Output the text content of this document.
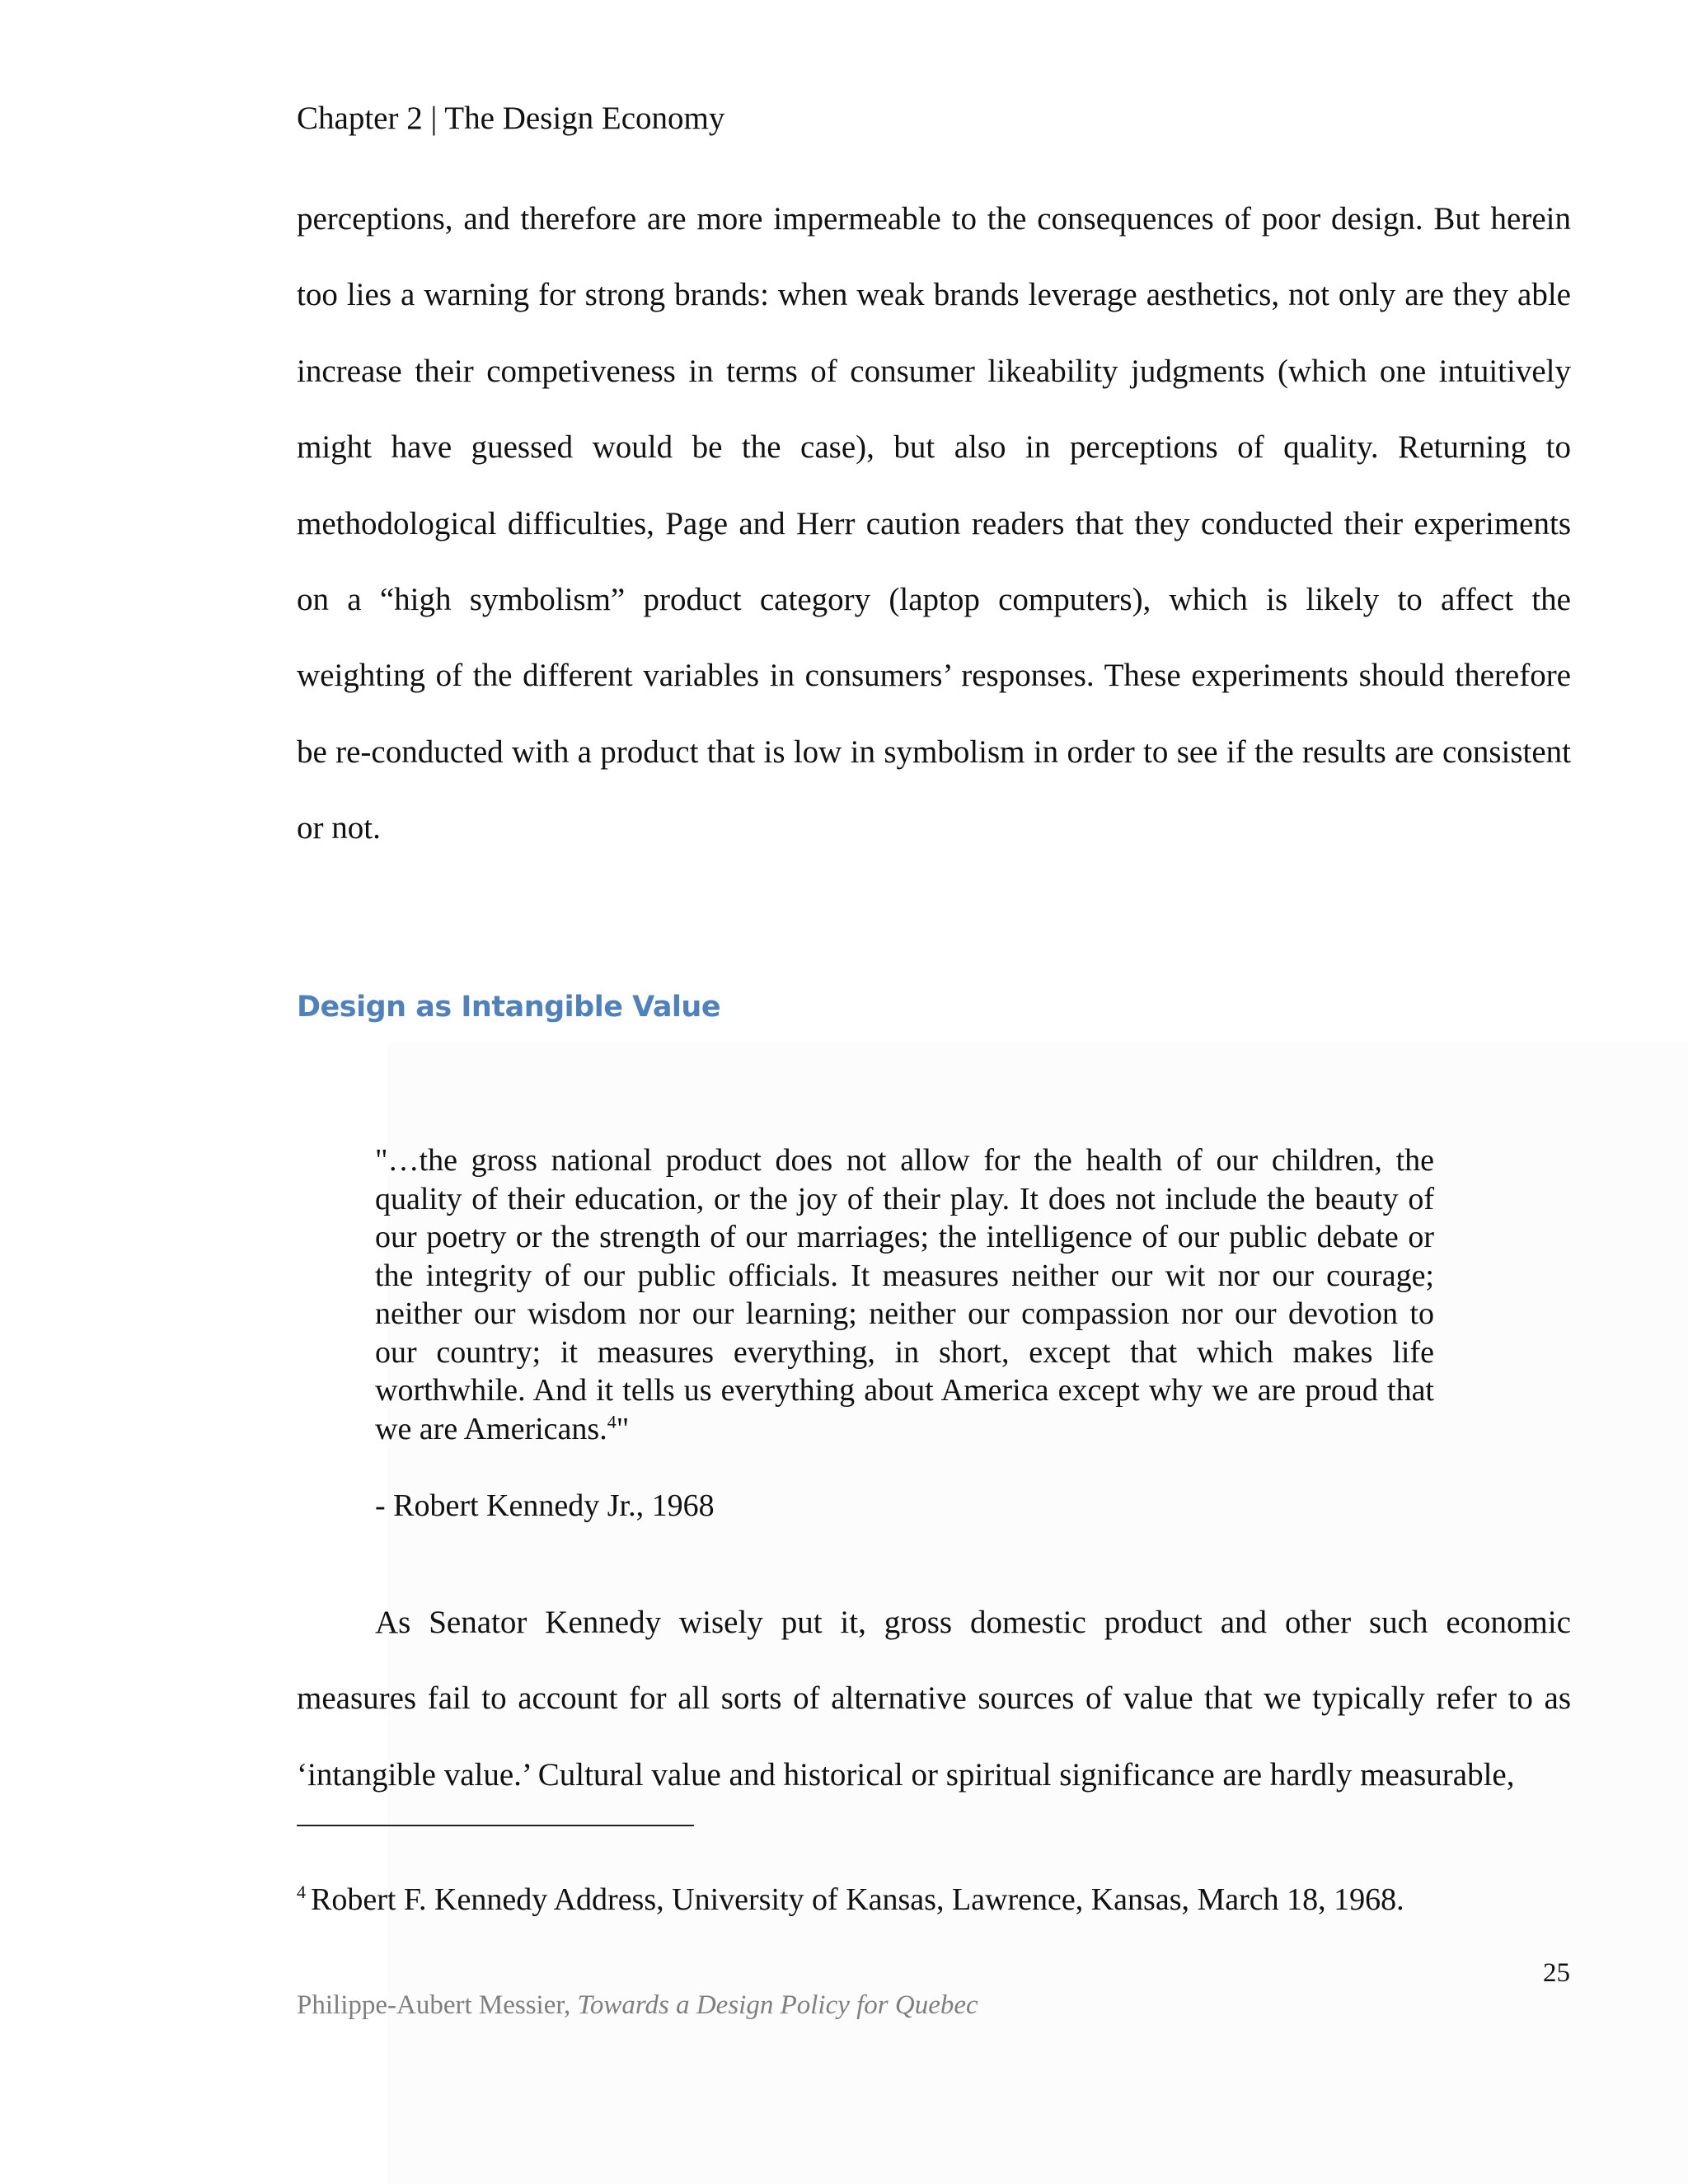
Chapter 2 | The Design Economy

perceptions, and therefore are more impermeable to the consequences of poor design. But herein too lies a warning for strong brands: when weak brands leverage aesthetics, not only are they able increase their competiveness in terms of consumer likeability judgments (which one intuitively might have guessed would be the case), but also in perceptions of quality. Returning to methodological difficulties, Page and Herr caution readers that they conducted their experiments on a “high symbolism” product category (laptop computers), which is likely to affect the weighting of the different variables in consumers’ responses. These experiments should therefore be re-conducted with a product that is low in symbolism in order to see if the results are consistent or not.

Design as Intangible Value

"…the gross national product does not allow for the health of our children, the quality of their education, or the joy of their play. It does not include the beauty of our poetry or the strength of our marriages; the intelligence of our public debate or the integrity of our public officials. It measures neither our wit nor our courage; neither our wisdom nor our learning; neither our compassion nor our devotion to our country; it measures everything, in short, except that which makes life worthwhile. And it tells us everything about America except why we are proud that we are Americans.$^4$"

- Robert Kennedy Jr., 1968

As Senator Kennedy wisely put it, gross domestic product and other such economic measures fail to account for all sorts of alternative sources of value that we typically refer to as ‘intangible value.’ Cultural value and historical or spiritual significance are hardly measurable,

$^4$ Robert F. Kennedy Address, University of Kansas, Lawrence, Kansas, March 18, 1968.

25
Philippe-Aubert Messier, Towards a Design Policy for Quebec
